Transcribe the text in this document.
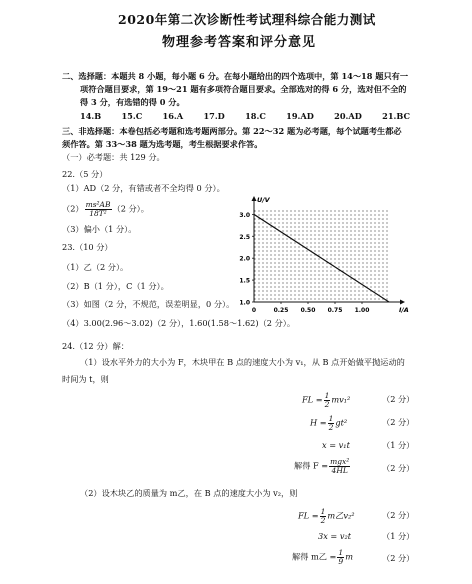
2020年第二次诊断性考试理科综合能力测试
物理参考答案和评分意见
二、选择题：本题共 8 小题，每小题 6 分。在每小题给出的四个选项中，第 14～18 题只有一
项符合题目要求，第 19～21 题有多项符合题目要求。全部选对的得 6 分，选对但不全的
得 3 分，有选错的得 0 分。
14.B 15.C 16.A 17.D 18.C 19.AD 20.AD 21.BC
三、非选择题：本卷包括必考题和选考题两部分。第 22～32 题为必考题，每个试题考生都必
须作答。第 33～38 题为选考题，考生根据要求作答。
（一）必考题：共 129 分。
22.（5 分）
（1）AD（2 分，有错或者不全均得 0 分）。
$(2) \frac{\text{ms²AB}}{\text{18T²}} (2$ 分）。
（3）偏小（1 分）。
23.（10 分）
（1）乙（2 分）。
（2）B（1 分），C（1 分）。
（3）如图（2 分，不规范，误差明显，0 分）。
（4）3.00(2.96～3.02)（2 分），1.60(1.58～1.62)（2 分）。
1.0
1.5
2.0
2.5
3.0
0	0.25 0.50 0.75 1.00
U/V
I/A
24.（12 分）解：
（1）设水平外力的大小为 F，木块甲在 B 点的速度大小为 v₁，从 B 点开始做平抛运动的
时间为 t，则
FL = $\frac{1}{2} mv_1^2$	（2 分）
$H = \frac{1}{2} gt^2$	（2 分）
x = v₁t	（1 分）
解得 $F = \frac{\text{mgx²}}{4HL}$	（2 分）
（2）设木块乙的质量为 m乙，在 B 点的速度大小为 v₂，则
FL = $\frac{1}{2}$ m乙v₂²	（2 分）
3x = v₂t	（1 分）
解得 m乙 = $\frac{1}{9}$ m	（2 分）
